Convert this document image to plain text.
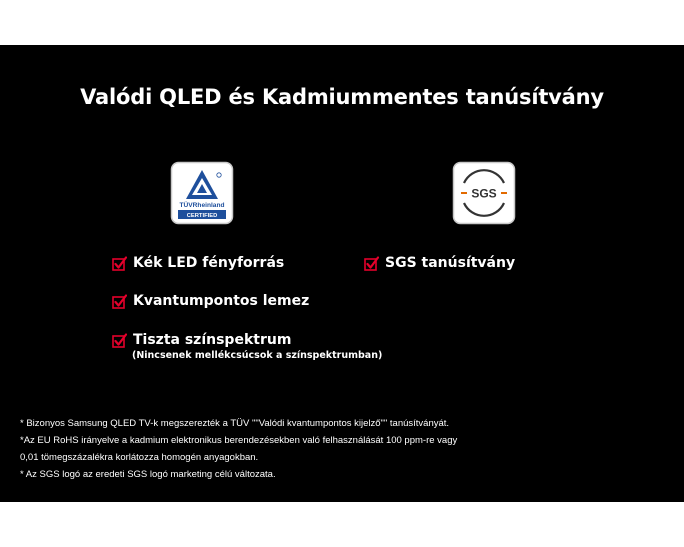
Valódi QLED és Kadmiummentes tanúsítvány
TÜVRheinland
CERTIFIED
SGS
Kék LED fényforrás
Kvantumpontos lemez
Tiszta színspektrum
(Nincsenek mellékcsúcsok a színspektrumban)
SGS tanúsítvány
* Bizonyos Samsung QLED TV-k megszerezték a TÜV ""Valódi kvantumpontos kijelző"" tanúsítványát.
*Az EU RoHS irányelve a kadmium elektronikus berendezésekben való felhasználását 100 ppm-re vagy
0,01 tömegszázalékra korlátozza homogén anyagokban.
* Az SGS logó az eredeti SGS logó marketing célú változata.
